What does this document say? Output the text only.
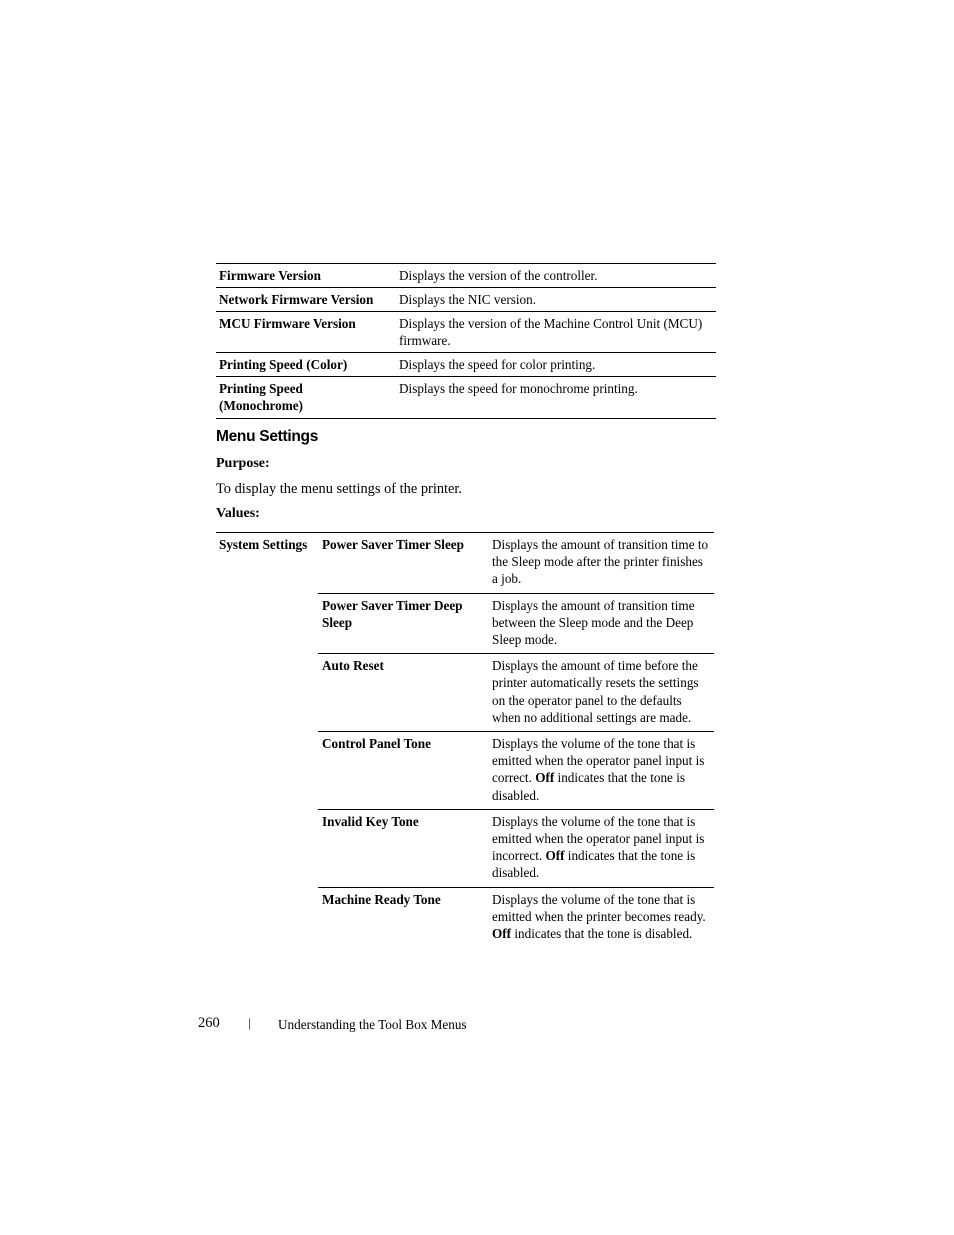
Firmware Version	Displays the version of the controller.
Network Firmware Version	Displays the NIC version.
MCU Firmware Version	Displays the version of the Machine Control Unit (MCU) firmware.
Printing Speed (Color)	Displays the speed for color printing.
Printing Speed (Monochrome)	Displays the speed for monochrome printing.
Menu Settings
Purpose:
To display the menu settings of the printer.
Values:
System Settings	Power Saver Timer Sleep	Displays the amount of transition time to the Sleep mode after the printer finishes a job.
	Power Saver Timer Deep Sleep	Displays the amount of transition time between the Sleep mode and the Deep Sleep mode.
	Auto Reset	Displays the amount of time before the printer automatically resets the settings on the operator panel to the defaults when no additional settings are made.
	Control Panel Tone	Displays the volume of the tone that is emitted when the operator panel input is correct. Off indicates that the tone is disabled.
	Invalid Key Tone	Displays the volume of the tone that is emitted when the operator panel input is incorrect. Off indicates that the tone is disabled.
	Machine Ready Tone	Displays the volume of the tone that is emitted when the printer becomes ready. Off indicates that the tone is disabled.
260 | Understanding the Tool Box Menus
